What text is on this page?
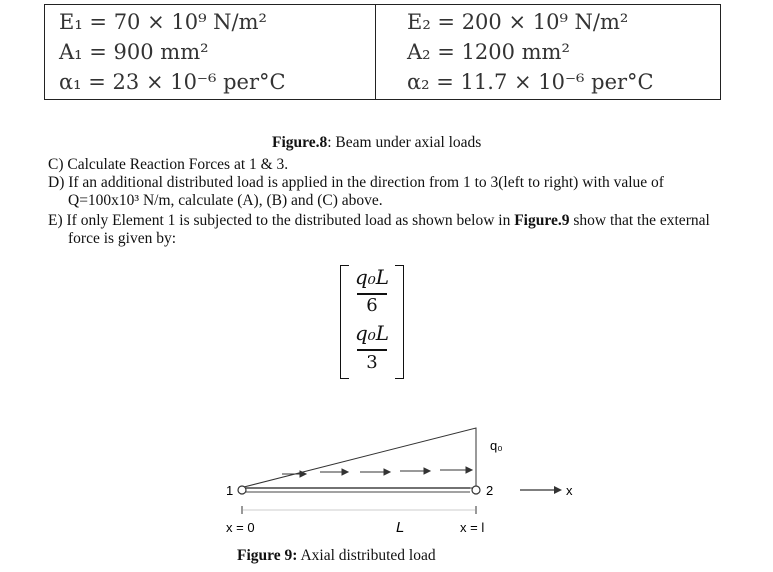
E₁ = 70 × 10⁹ N/m²
A₁ = 900 mm²
α₁ = 23 × 10⁻⁶ per°C
E₂ = 200 × 10⁹ N/m²
A₂ = 1200 mm²
α₂ = 11.7 × 10⁻⁶ per°C
Figure.8: Beam under axial loads
C) Calculate Reaction Forces at 1 & 3.
D) If an additional distributed load is applied in the direction from 1 to 3(left to right) with value of
Q=100x10³ N/m, calculate (A), (B) and (C) above.
E) If only Element 1 is subjected to the distributed load as shown below in Figure.9 show that the external
force is given by:
q₀L
6
q₀L
3
1	2	x
q₀
x = 0	L	x = l
Figure 9: Axial distributed load
